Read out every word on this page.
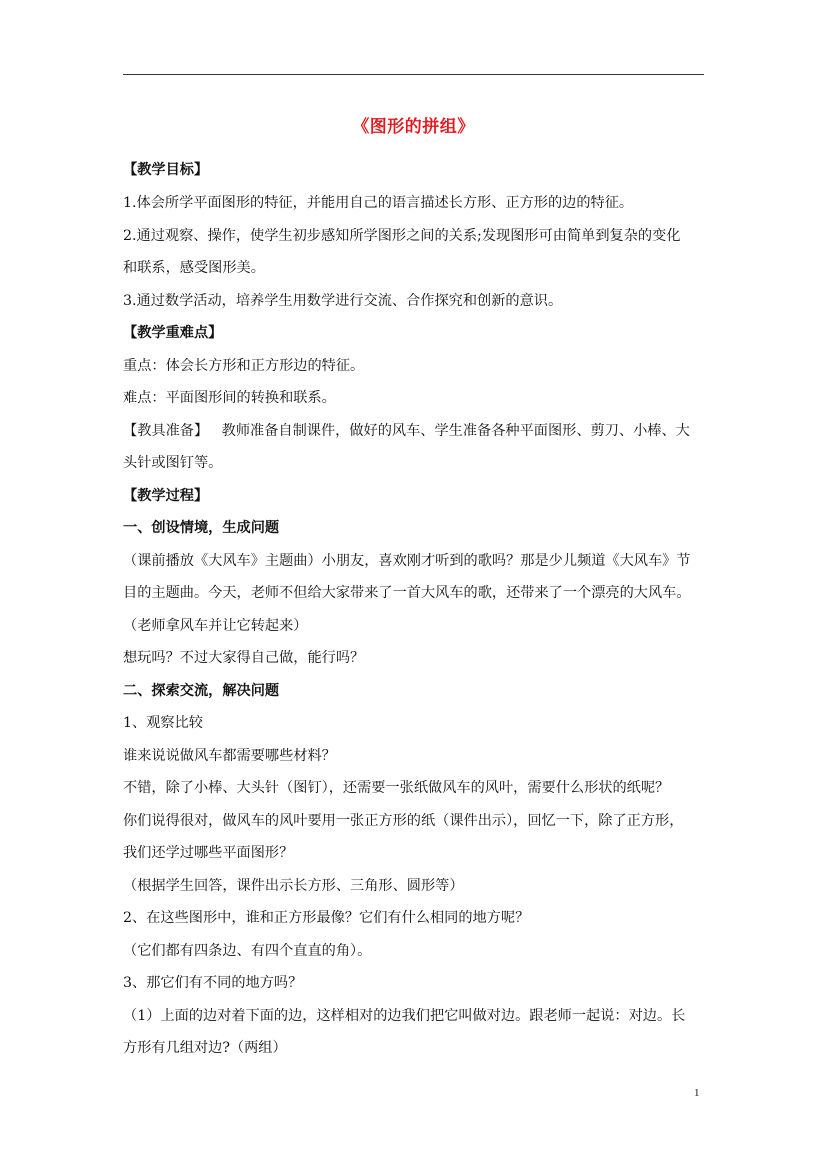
《图形的拼组》
【教学目标】
1.体会所学平面图形的特征，并能用自己的语言描述长方形、正方形的边的特征。
2.通过观察、操作，使学生初步感知所学图形之间的关系;发现图形可由简单到复杂的变化
和联系，感受图形美。
3.通过数学活动，培养学生用数学进行交流、合作探究和创新的意识。
【教学重难点】
重点：体会长方形和正方形边的特征。
难点：平面图形间的转换和联系。
【教具准备】   教师准备自制课件，做好的风车、学生准备各种平面图形、剪刀、小棒、大
头针或图钉等。
【教学过程】
一、创设情境，生成问题
（课前播放《大风车》主题曲）小朋友，喜欢刚才听到的歌吗？那是少儿频道《大风车》节
目的主题曲。今天，老师不但给大家带来了一首大风车的歌，还带来了一个漂亮的大风车。
（老师拿风车并让它转起来）
想玩吗？不过大家得自己做，能行吗？
二、探索交流，解决问题
1、观察比较
谁来说说做风车都需要哪些材料？
不错，除了小棒、大头针（图钉），还需要一张纸做风车的风叶，需要什么形状的纸呢？
你们说得很对，做风车的风叶要用一张正方形的纸（课件出示），回忆一下，除了正方形，
我们还学过哪些平面图形？
（根据学生回答，课件出示长方形、三角形、圆形等）
2、在这些图形中，谁和正方形最像？它们有什么相同的地方呢？
（它们都有四条边、有四个直直的角）。
3、那它们有不同的地方吗？
（1）上面的边对着下面的边，这样相对的边我们把它叫做对边。跟老师一起说：对边。长
方形有几组对边?（两组）
1
